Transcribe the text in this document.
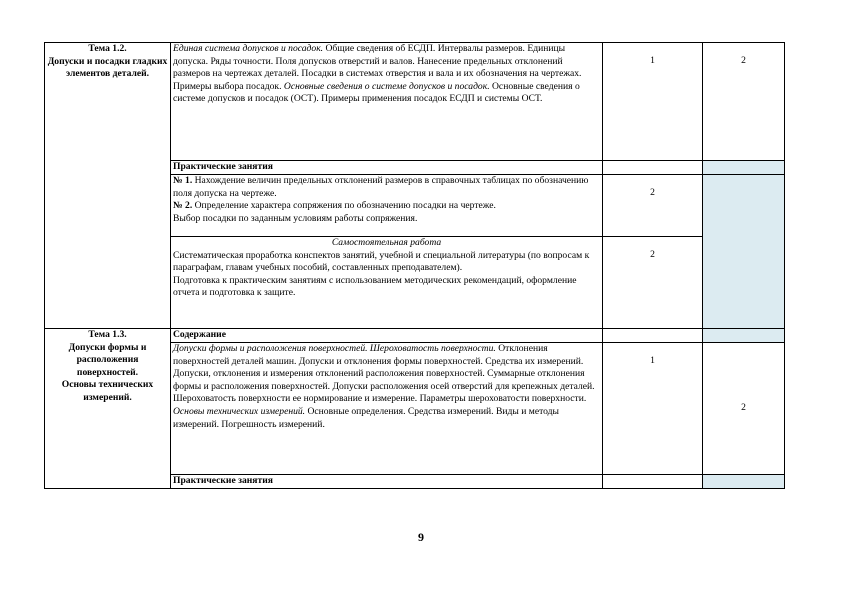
Тема 1.2.
Допуски и посадки гладких элементов деталей.	Единая система допусков и посадок. Общие сведения об ЕСДП. Интервалы размеров. Единицы допуска. Ряды точности. Поля допусков отверстий и валов. Нанесение предельных отклонений размеров на чертежах деталей. Посадки в системах отверстия и вала и их обозначения на чертежах. Примеры выбора посадок. Основные сведения о системе допусков и посадок. Основные сведения о системе допусков и посадок (ОСТ). Примеры применения посадок ЕСДП и системы ОСТ.	1	2
	Практические занятия		

	№ 1. Нахождение величин предельных отклонений размеров в справочных таблицах по обозначению поля допуска на чертеже.
№ 2. Определение характера сопряжения по обозначению посадки на чертеже.
Выбор посадки по заданным условиям работы сопряжения.	2	

	Самостоятельная работа
Систематическая проработка конспектов занятий, учебной и специальной литературы (по вопросам к параграфам, главам учебных пособий, составленных преподавателем).
Подготовка к практическим занятиям с использованием методических рекомендаций, оформление отчета и подготовка к защите.	2	

Тема 1.3.
Допуски формы и расположения поверхностей.
Основы технических измерений.	Содержание		
	Допуски формы и расположения поверхностей. Шероховатость поверхности. Отклонения поверхностей деталей машин. Допуски и отклонения формы поверхностей. Средства их измерений. Допуски, отклонения и измерения отклонений расположения поверхностей. Суммарные отклонения формы и расположения поверхностей. Допуски расположения осей отверстий для крепежных деталей. Шероховатость поверхности ее нормирование и измерение. Параметры шероховатости поверхности. Основы технических измерений. Основные определения. Средства измерений. Виды и методы измерений. Погрешность измерений.	1	2
	Практические занятия		
9
